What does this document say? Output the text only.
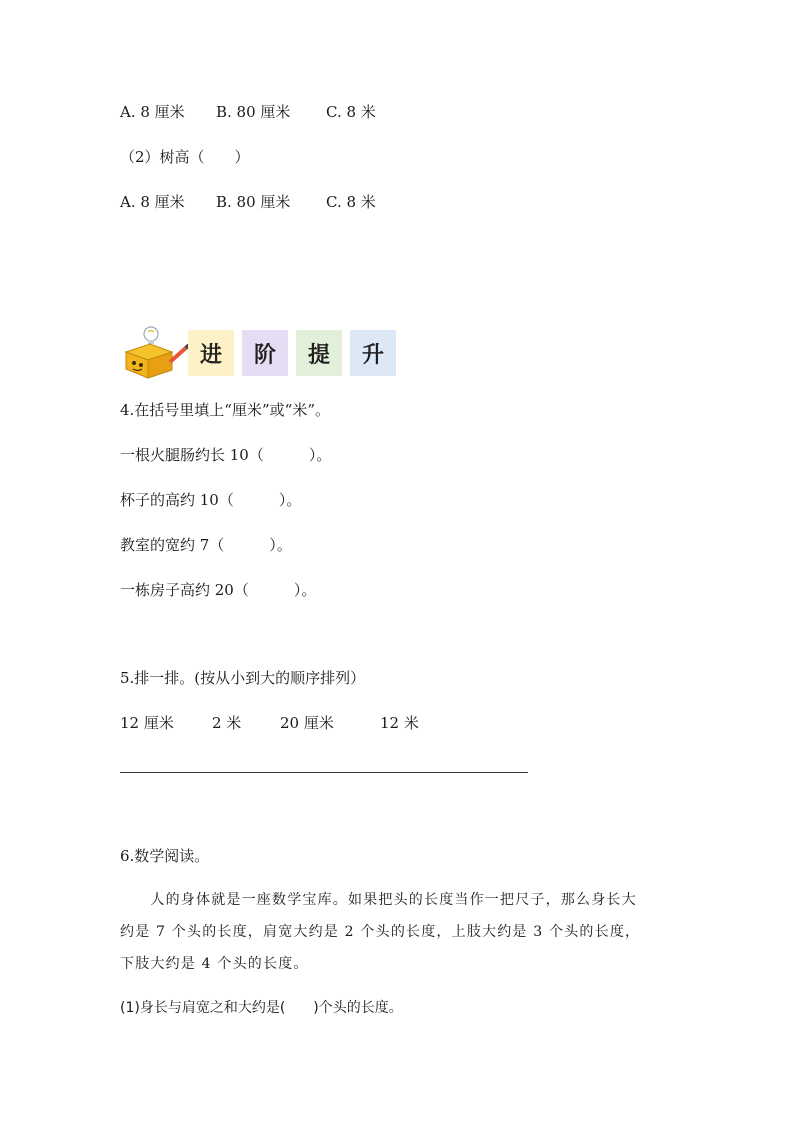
A. 8 厘米 B. 80 厘米 C. 8 米
（2）树高（　　）
A. 8 厘米 B. 80 厘米 C. 8 米
进 阶 提 升
4.在括号里填上“厘米”或“米”。
一根火腿肠约长 10（　　　）。
杯子的高约 10（　　　）。
教室的宽约 7（　　　）。
一栋房子高约 20（　　　）。
5.排一排。(按从小到大的顺序排列）
12 厘米	2 米	20 厘米	12 米
6.数学阅读。
　　人的身体就是一座数学宝库。如果把头的长度当作一把尺子，那么身长大
约是 7 个头的长度，肩宽大约是 2 个头的长度，上肢大约是 3 个头的长度，
下肢大约是 4 个头的长度。
(1)身长与肩宽之和大约是(　　)个头的长度。
